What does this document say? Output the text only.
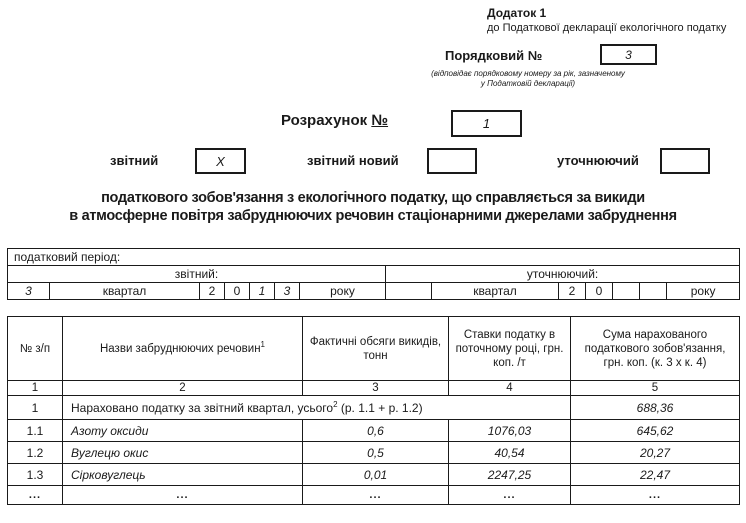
Додаток 1
до Податкової декларації екологічного податку
Порядковий №	3
(відповідає порядковому номеру за рік, зазначеному
у Податковій декларації)
Розрахунок №	1
звітний	X	звітний новий	уточнюючий
податкового зобов'язання з екологічного податку, що справляється за викиди
в атмосферне повітря забруднюючих речовин стаціонарними джерелами забруднення
податковий період:													
звітний:							уточнюючий:						
3	квартал	2	0	1	3	року		квартал	2	0			року
№ з/п	Назви забруднюючих речовин$^1$	Фактичні обсяги викидів, тонн	Ставки податку в поточному році, грн. коп. /т	Сума нарахованого податкового зобов'язання, грн. коп. (к. 3 х к. 4)
1	2	3	4	5
1	Нараховано податку за звітний квартал, усього$^2$ (р. 1.1 + р. 1.2)			688,36
1.1	Азоту оксиди	0,6	1076,03	645,62
1.2	Вуглецю окис	0,5	40,54	20,27
1.3	Сірковуглець	0,01	2247,25	22,47
...	...	...	...	...
